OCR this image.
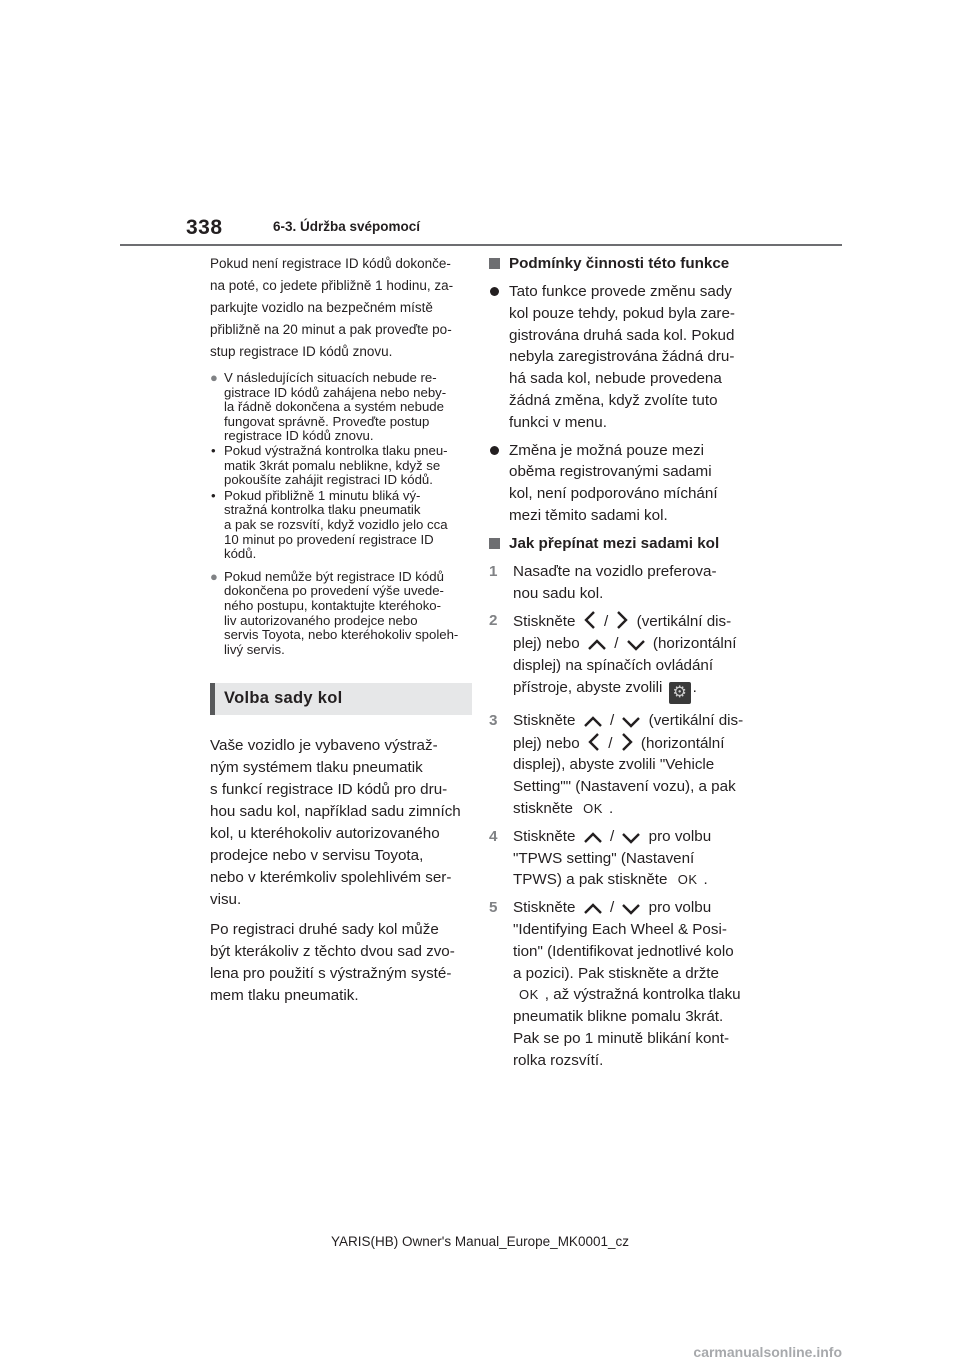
338	6-3. Údržba svépomocí
Pokud není registrace ID kódů dokonče-
na poté, co jedete přibližně 1 hodinu, za-
parkujte vozidlo na bezpečném místě
přibližně na 20 minut a pak proveďte po-
stup registrace ID kódů znovu.
● V následujících situacích nebude re-
gistrace ID kódů zahájena nebo neby-
la řádně dokončena a systém nebude
fungovat správně. Proveďte postup
registrace ID kódů znovu.
• Pokud výstražná kontrolka tlaku pneu-
matik 3krát pomalu neblikne, když se
pokoušíte zahájit registraci ID kódů.
• Pokud přibližně 1 minutu bliká vý-
stražná kontrolka tlaku pneumatik
a pak se rozsvítí, když vozidlo jelo cca
10 minut po provedení registrace ID
kódů.
● Pokud nemůže být registrace ID kódů
dokončena po provedení výše uvede-
ného postupu, kontaktujte kteréhoko-
liv autorizovaného prodejce nebo
servis Toyota, nebo kteréhokoliv spoleh-
livý servis.
Volba sady kol
Vaše vozidlo je vybaveno výstraž-
ným systémem tlaku pneumatik
s funkcí registrace ID kódů pro dru-
hou sadu kol, například sadu zimních
kol, u kteréhokoliv autorizovaného
prodejce nebo v servisu Toyota,
nebo v kterémkoliv spolehlivém ser-
visu.
Po registraci druhé sady kol může
být kterákoliv z těchto dvou sad zvo-
lena pro použití s výstražným systé-
mem tlaku pneumatik.
Podmínky činnosti této funkce
Tato funkce provede změnu sady
kol pouze tehdy, pokud byla zare-
gistrována druhá sada kol. Pokud
nebyla zaregistrována žádná dru-
há sada kol, nebude provedena
žádná změna, když zvolíte tuto
funkci v menu.
Změna je možná pouze mezi
oběma registrovanými sadami
kol, není podporováno míchání
mezi těmito sadami kol.
Jak přepínat mezi sadami kol
1 Nasaďte na vozidlo preferova-
nou sadu kol.
2 Stiskněte / (vertikální dis-
plej) nebo / (horizontální
displej) na spínačích ovládání
přístroje, abyste zvolili ⚙ .
3 Stiskněte / (vertikální dis-
plej) nebo / (horizontální
displej), abyste zvolili "Vehicle
Setting"" (Nastavení vozu), a pak
stiskněte OK .
4 Stiskněte / pro volbu
"TPWS setting" (Nastavení
TPWS) a pak stiskněte OK .
5 Stiskněte / pro volbu
"Identifying Each Wheel & Posi-
tion" (Identifikovat jednotlivé kolo
a pozici). Pak stiskněte a držte
OK , až výstražná kontrolka tlaku
pneumatik blikne pomalu 3krát.
Pak se po 1 minutě blikání kont-
rolka rozsvítí.
YARIS(HB) Owner's Manual_Europe_MK0001_cz
carmanualsonline.info
